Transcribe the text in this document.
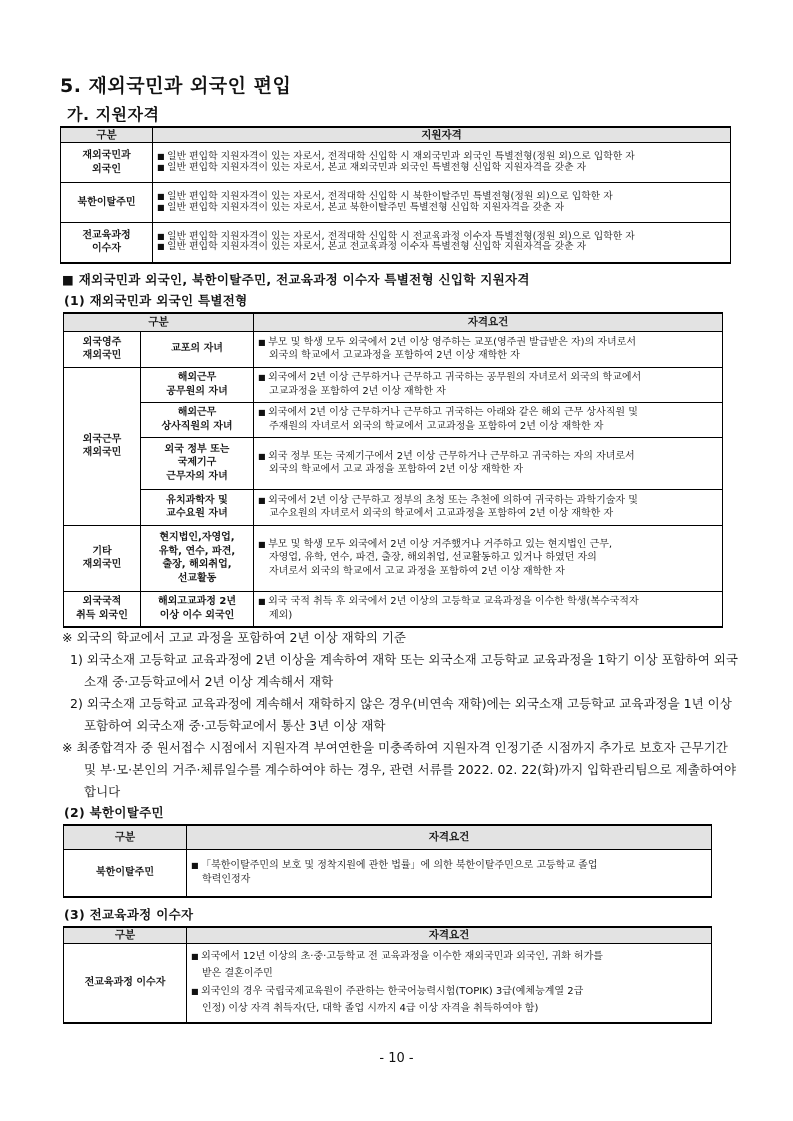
5. 재외국민과 외국인 편입
가. 지원자격
구분	지원자격

재외국민과
외국인	■ 일반 편입학 지원자격이 있는 자로서, 전적대학 신입학 시 재외국민과 외국인 특별전형(정원 외)으로 입학한 자
■ 일반 편입학 지원자격이 있는 자로서, 본교 재외국민과 외국인 특별전형 신입학 지원자격을 갖춘 자

북한이탈주민	■ 일반 편입학 지원자격이 있는 자로서, 전적대학 신입학 시 북한이탈주민 특별전형(정원 외)으로 입학한 자
■ 일반 편입학 지원자격이 있는 자로서, 본교 북한이탈주민 특별전형 신입학 지원자격을 갖춘 자

전교육과정
이수자	■ 일반 편입학 지원자격이 있는 자로서, 전적대학 신입학 시 전교육과정 이수자 특별전형(정원 외)으로 입학한 자
■ 일반 편입학 지원자격이 있는 자로서, 본교 전교육과정 이수자 특별전형 신입학 지원자격을 갖춘 자
■ 재외국민과 외국인, 북한이탈주민, 전교육과정 이수자 특별전형 신입학 지원자격
(1) 재외국민과 외국인 특별전형
구분		자격요건

외국영주
재외국민	교포의 자녀	■ 부모 및 학생 모두 외국에서 2년 이상 영주하는 교포(영주권 발급받은 자)의 자녀로서
외국의 학교에서 고교과정을 포함하여 2년 이상 재학한 자

외국근무
재외국민	해외근무
공무원의 자녀	■ 외국에서 2년 이상 근무하거나 근무하고 귀국하는 공무원의 자녀로서 외국의 학교에서
고교과정을 포함하여 2년 이상 재학한 자

	해외근무
상사직원의 자녀	■ 외국에서 2년 이상 근무하거나 근무하고 귀국하는 아래와 같은 해외 근무 상사직원 및
주재원의 자녀로서 외국의 학교에서 고교과정을 포함하여 2년 이상 재학한 자

	외국 정부 또는
국제기구
근무자의 자녀	■ 외국 정부 또는 국제기구에서 2년 이상 근무하거나 근무하고 귀국하는 자의 자녀로서
외국의 학교에서 고교 과정을 포함하여 2년 이상 재학한 자

	유치과학자 및
교수요원 자녀	■ 외국에서 2년 이상 근무하고 정부의 초청 또는 추천에 의하여 귀국하는 과학기술자 및
교수요원의 자녀로서 외국의 학교에서 고교과정을 포함하여 2년 이상 재학한 자

기타
재외국민	현지법인,자영업,
유학, 연수, 파견,
출장, 해외취업,
선교활동	■ 부모 및 학생 모두 외국에서 2년 이상 거주했거나 거주하고 있는 현지법인 근무,
자영업, 유학, 연수, 파견, 출장, 해외취업, 선교활동하고 있거나 하였던 자의
자녀로서 외국의 학교에서 고교 과정을 포함하여 2년 이상 재학한 자

외국국적
취득 외국인	해외고교과정 2년
이상 이수 외국인	■ 외국 국적 취득 후 외국에서 2년 이상의 고등학교 교육과정을 이수한 학생(복수국적자
제외)
※ 외국의 학교에서 고교 과정을 포함하여 2년 이상 재학의 기준
1) 외국소재 고등학교 교육과정에 2년 이상을 계속하여 재학 또는 외국소재 고등학교 교육과정을 1학기 이상 포함하여 외국소재 중·고등학교에서 2년 이상 계속해서 재학
2) 외국소재 고등학교 교육과정에 계속해서 재학하지 않은 경우(비연속 재학)에는 외국소재 고등학교 교육과정을 1년 이상 포함하여 외국소재 중·고등학교에서 통산 3년 이상 재학
※ 최종합격자 중 원서접수 시점에서 지원자격 부여연한을 미충족하여 지원자격 인정기준 시점까지 추가로 보호자 근무기간 및 부·모·본인의 거주·체류일수를 계수하여야 하는 경우, 관련 서류를 2022. 02. 22(화)까지 입학관리팀으로 제출하여야 합니다
(2) 북한이탈주민
구분	자격요건
북한이탈주민	■ 「북한이탈주민의 보호 및 정착지원에 관한 법률」에 의한 북한이탈주민으로 고등학교 졸업
학력인정자
(3) 전교육과정 이수자
구분	자격요건
전교육과정 이수자	■ 외국에서 12년 이상의 초·중·고등학교 전 교육과정을 이수한 재외국민과 외국인, 귀화 허가를
받은 결혼이주민
■ 외국인의 경우 국립국제교육원이 주관하는 한국어능력시험(TOPIK) 3급(예체능계열 2급
인정) 이상 자격 취득자(단, 대학 졸업 시까지 4급 이상 자격을 취득하여야 함)
- 10 -
